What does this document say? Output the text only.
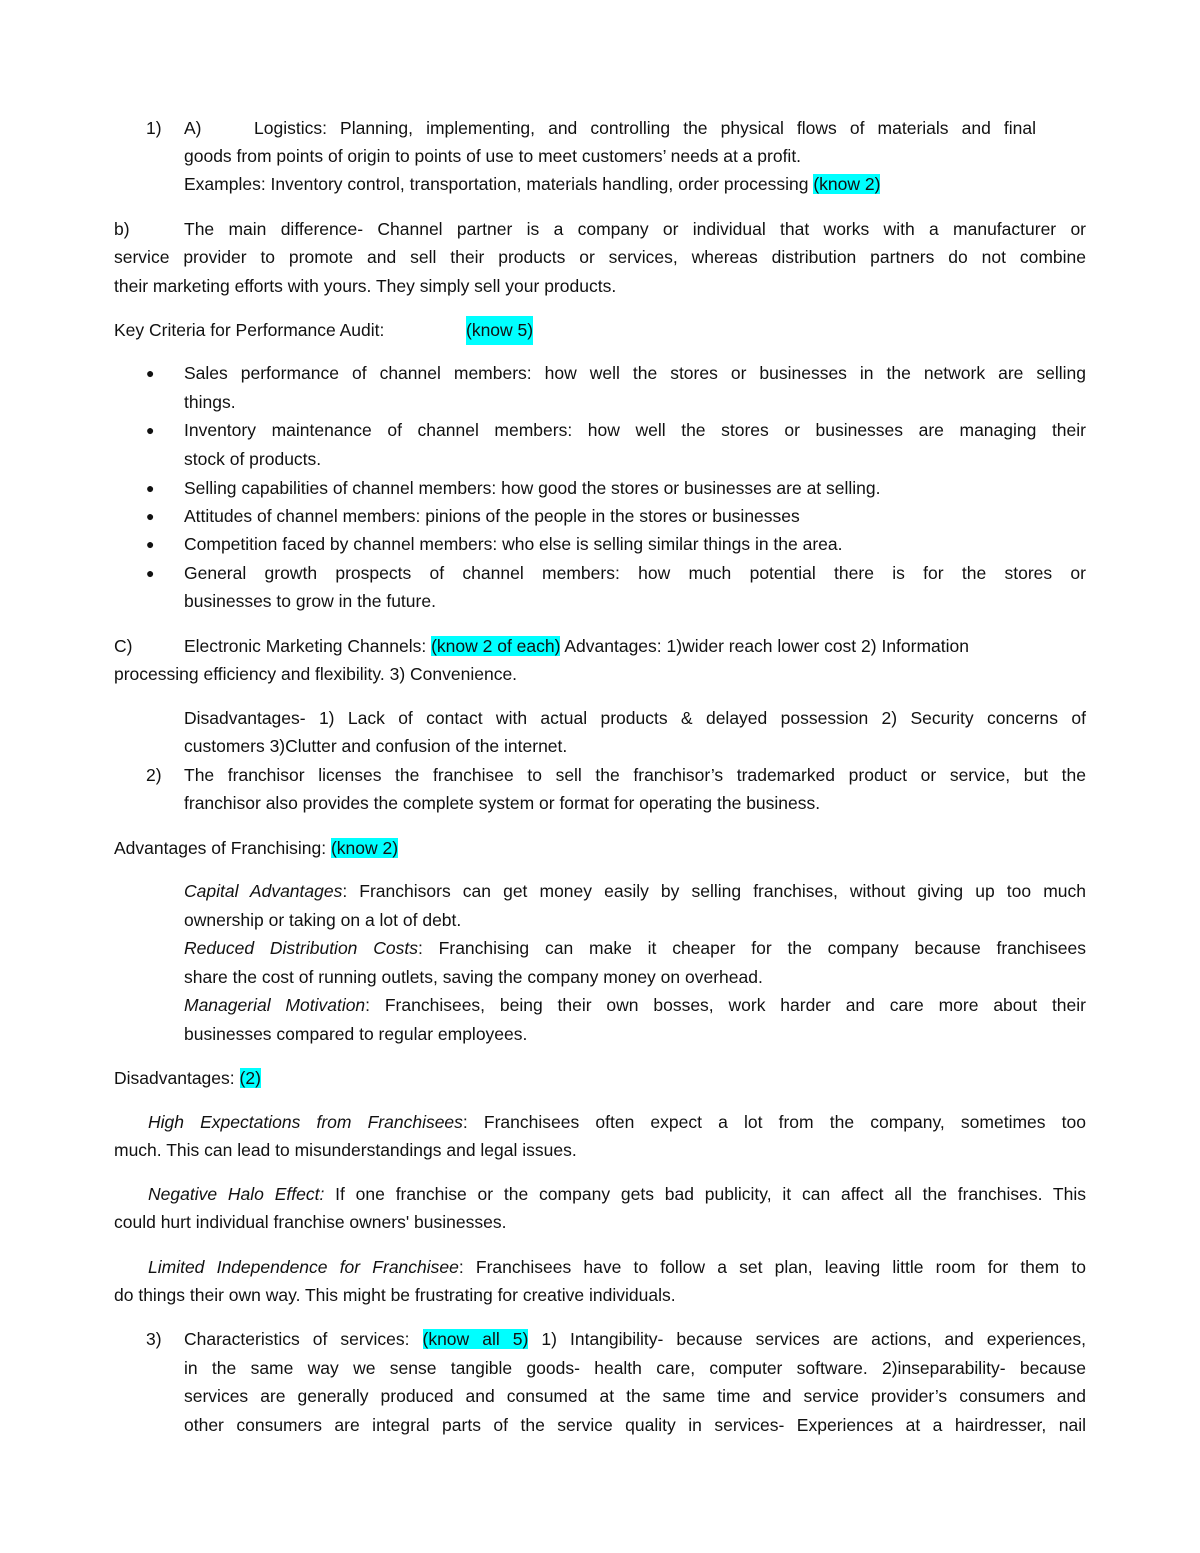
1) A)	Logistics: Planning, implementing, and controlling the physical flows of materials and final
goods from points of origin to points of use to meet customers’ needs at a profit.
Examples: Inventory control, transportation, materials handling, order processing (know 2)
b)	The main difference- Channel partner is a company or individual that works with a manufacturer or
service provider to promote and sell their products or services, whereas distribution partners do not combine
their marketing efforts with yours. They simply sell your products.
Key Criteria for Performance Audit:	(know 5)
● Sales performance of channel members: how well the stores or businesses in the network are selling
things.
● Inventory maintenance of channel members: how well the stores or businesses are managing their
stock of products.
● Selling capabilities of channel members: how good the stores or businesses are at selling.
● Attitudes of channel members: pinions of the people in the stores or businesses
● Competition faced by channel members: who else is selling similar things in the area.
● General growth prospects of channel members: how much potential there is for the stores or
businesses to grow in the future.
C)	Electronic Marketing Channels: (know 2 of each) Advantages: 1)wider reach lower cost 2) Information
processing efficiency and flexibility. 3) Convenience.
Disadvantages- 1) Lack of contact with actual products & delayed possession 2) Security concerns of
customers 3)Clutter and confusion of the internet.
2) The franchisor licenses the franchisee to sell the franchisor’s trademarked product or service, but the
franchisor also provides the complete system or format for operating the business.
Advantages of Franchising: (know 2)
Capital Advantages: Franchisors can get money easily by selling franchises, without giving up too much
ownership or taking on a lot of debt.
Reduced Distribution Costs: Franchising can make it cheaper for the company because franchisees
share the cost of running outlets, saving the company money on overhead.
Managerial Motivation: Franchisees, being their own bosses, work harder and care more about their
businesses compared to regular employees.
Disadvantages: (2)
High Expectations from Franchisees: Franchisees often expect a lot from the company, sometimes too
much. This can lead to misunderstandings and legal issues.
Negative Halo Effect: If one franchise or the company gets bad publicity, it can affect all the franchises. This
could hurt individual franchise owners' businesses.
Limited Independence for Franchisee: Franchisees have to follow a set plan, leaving little room for them to
do things their own way. This might be frustrating for creative individuals.
3) Characteristics of services: (know all 5) 1) Intangibility- because services are actions, and experiences,
in the same way we sense tangible goods- health care, computer software. 2)inseparability- because
services are generally produced and consumed at the same time and service provider’s consumers and
other consumers are integral parts of the service quality in services- Experiences at a hairdresser, nail
